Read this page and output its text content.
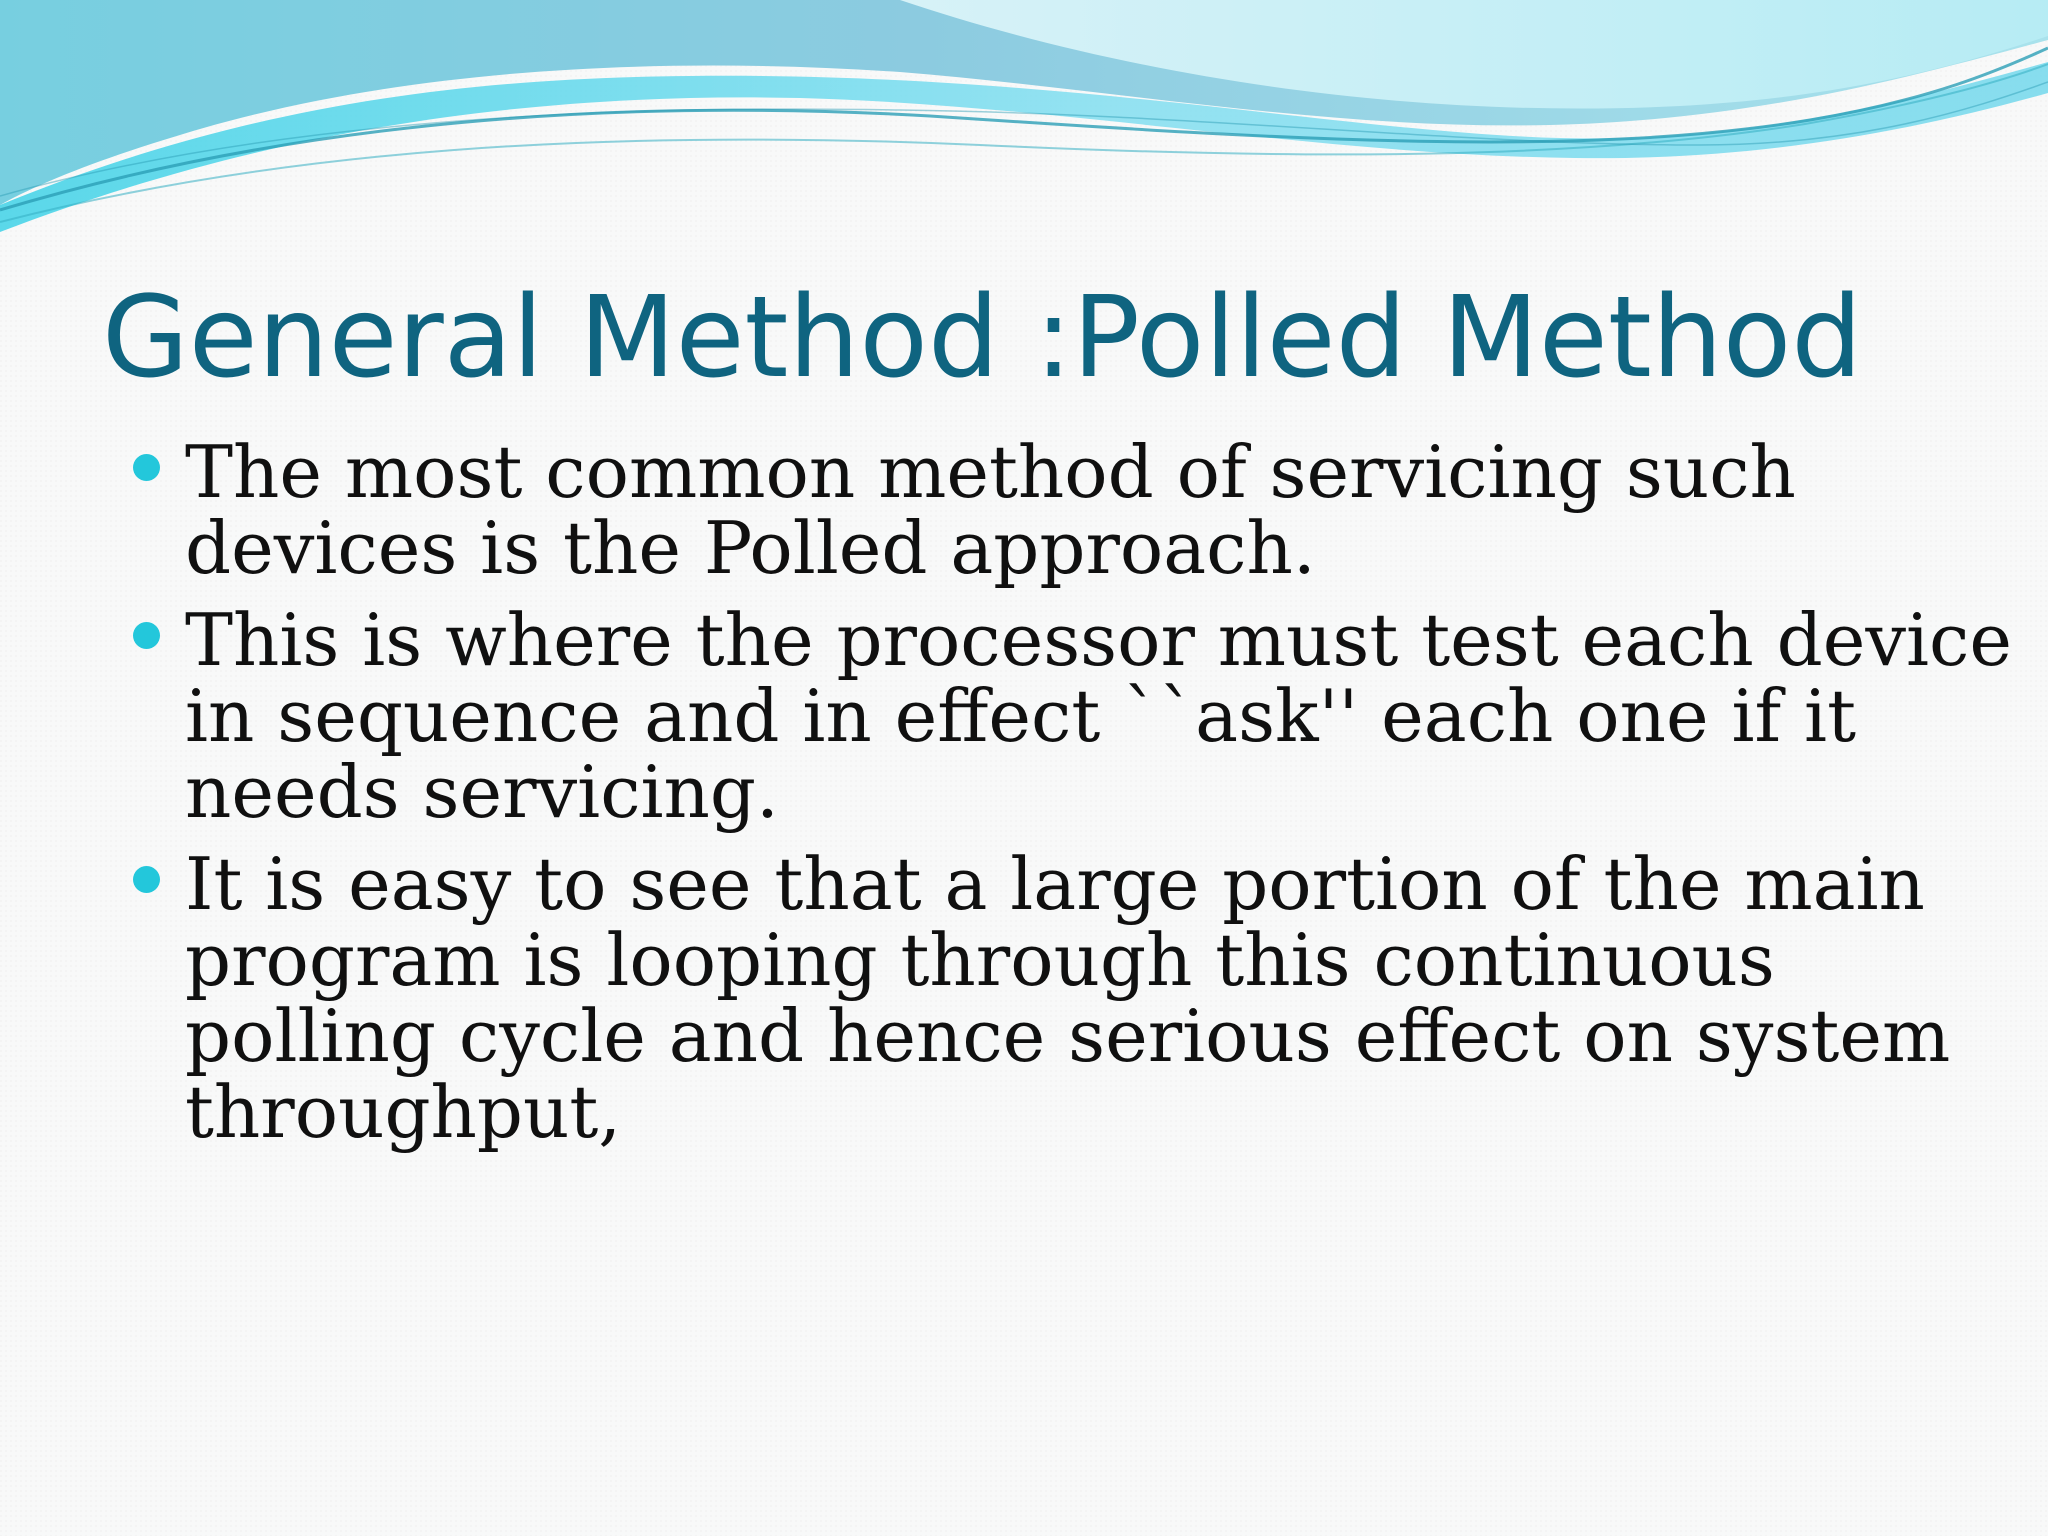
General Method :Polled Method
The most common method of servicing such
devices is the Polled approach.
This is where the processor must test each device
in sequence and in effect ``ask'' each one if it
needs servicing.
It is easy to see that a large portion of the main
program is looping through this continuous
polling cycle and hence serious effect on system
throughput,
